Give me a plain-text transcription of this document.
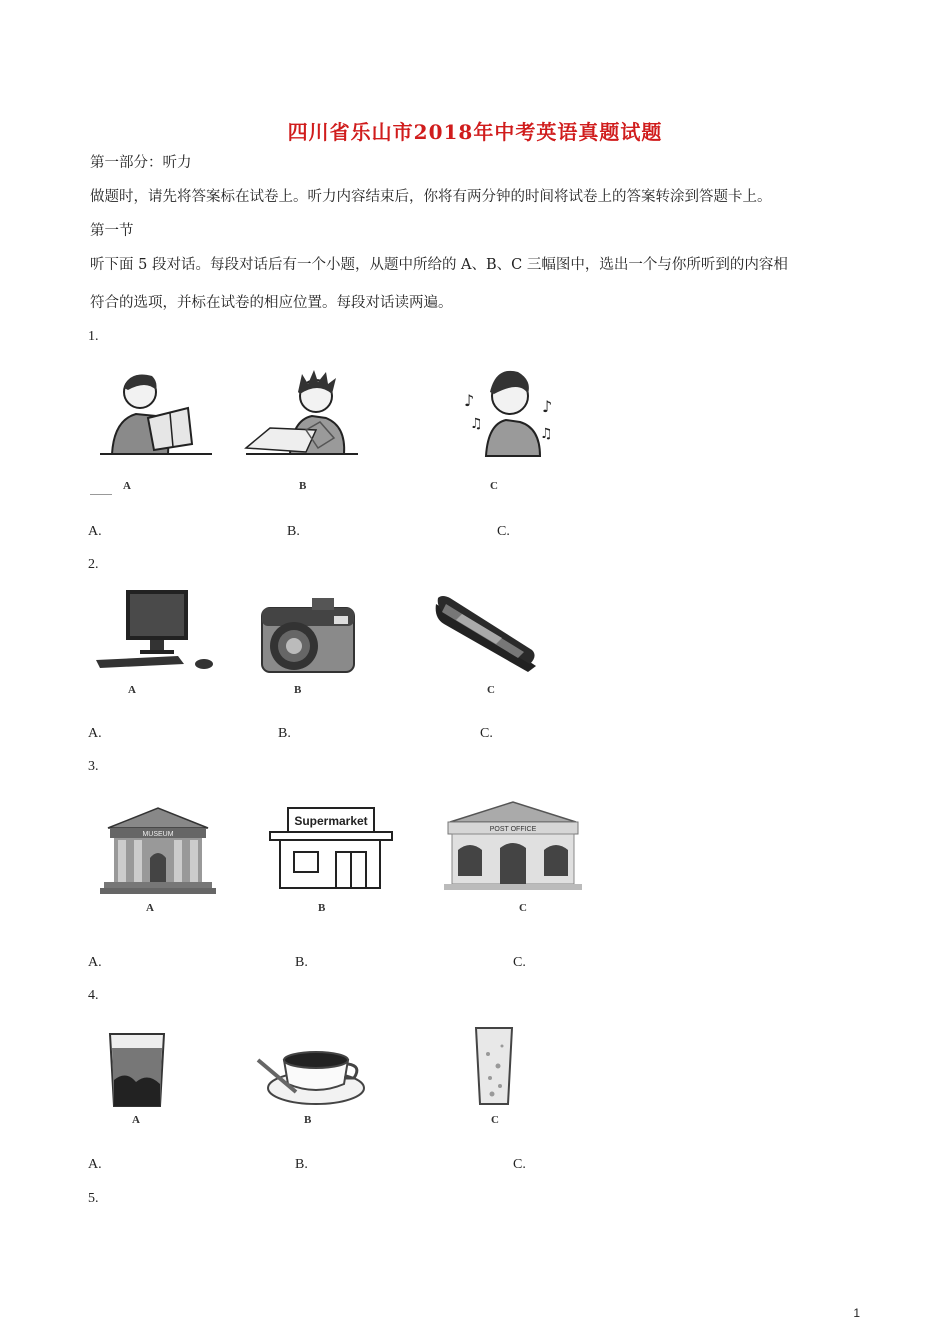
四川省乐山市2018年中考英语真题试题
第一部分：听力
做题时，请先将答案标在试卷上。听力内容结束后，你将有两分钟的时间将试卷上的答案转涂到答题卡上。
第一节
听下面 5 段对话。每段对话后有一个小题，从题中所给的 A、B、C 三幅图中，选出一个与你所听到的内容相
符合的选项，并标在试卷的相应位置。每段对话读两遍。
1.
♪
♫
♪
♫
A	B	C
A.	B.	C.
2.
A	B	C
A.	B.	C.
3.
MUSEUM
Supermarket
POST OFFICE
A	B	C
A.	B.	C.
4.
A	B	C
A.	B.	C.
5.
1
